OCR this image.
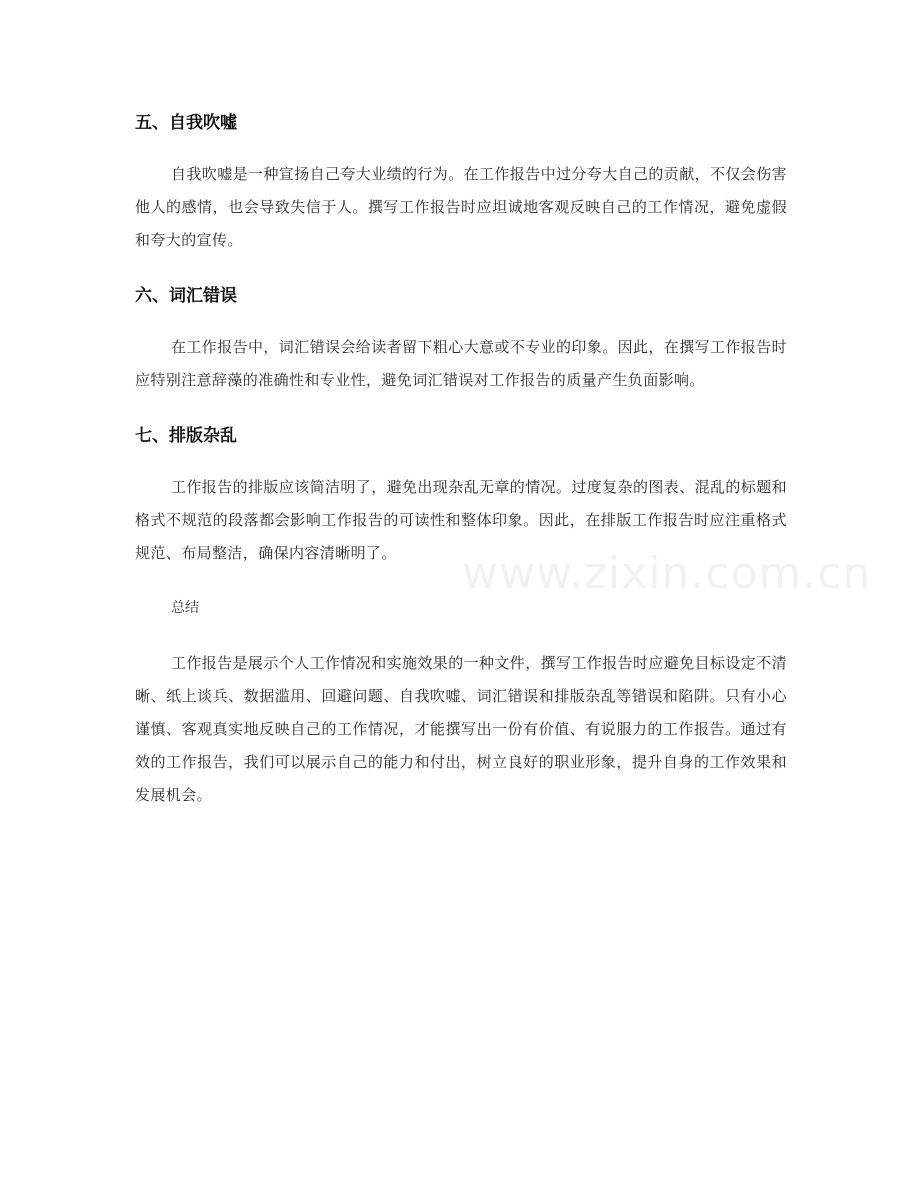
五、自我吹嘘
自我吹嘘是一种宣扬自己夸大业绩的行为。在工作报告中过分夸大自己的贡献，不仅会伤害他人的感情，也会导致失信于人。撰写工作报告时应坦诚地客观反映自己的工作情况，避免虚假和夸大的宣传。
六、词汇错误
在工作报告中，词汇错误会给读者留下粗心大意或不专业的印象。因此，在撰写工作报告时应特别注意辞藻的准确性和专业性，避免词汇错误对工作报告的质量产生负面影响。
七、排版杂乱
工作报告的排版应该简洁明了，避免出现杂乱无章的情况。过度复杂的图表、混乱的标题和格式不规范的段落都会影响工作报告的可读性和整体印象。因此，在排版工作报告时应注重格式规范、布局整洁，确保内容清晰明了。
总结
工作报告是展示个人工作情况和实施效果的一种文件，撰写工作报告时应避免目标设定不清晰、纸上谈兵、数据滥用、回避问题、自我吹嘘、词汇错误和排版杂乱等错误和陷阱。只有小心谨慎、客观真实地反映自己的工作情况，才能撰写出一份有价值、有说服力的工作报告。通过有效的工作报告，我们可以展示自己的能力和付出，树立良好的职业形象，提升自身的工作效果和发展机会。
www.zixin.com.cn
